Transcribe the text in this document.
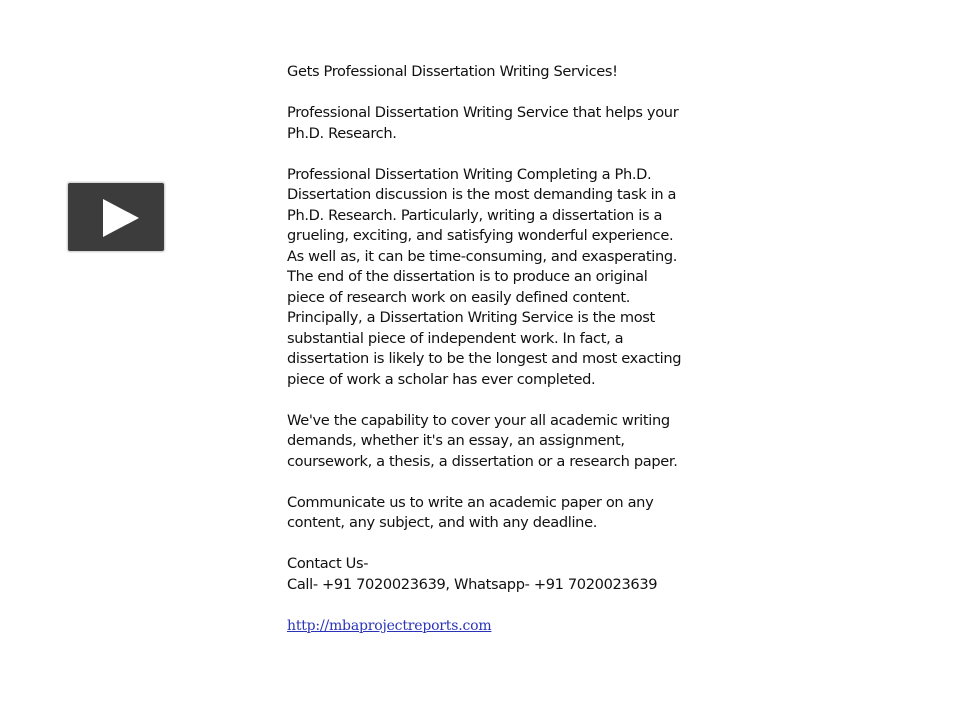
Gets Professional Dissertation Writing Services!

Professional Dissertation Writing Service that helps your Ph.D. Research.

Professional Dissertation Writing Completing a Ph.D. Dissertation discussion is the most demanding task in a Ph.D. Research. Particularly, writing a dissertation is a grueling, exciting, and satisfying wonderful experience. As well as, it can be time-consuming, and exasperating. The end of the dissertation is to produce an original piece of research work on easily defined content. Principally, a Dissertation Writing Service is the most substantial piece of independent work. In fact, a dissertation is likely to be the longest and most exacting piece of work a scholar has ever completed.

We've the capability to cover your all academic writing demands, whether it's an essay, an assignment, coursework, a thesis, a dissertation or a research paper.

Communicate us to write an academic paper on any content, any subject, and with any deadline.

Contact Us-

Call- +91 7020023639, Whatsapp- +91 7020023639

http://mbaprojectreports.com
